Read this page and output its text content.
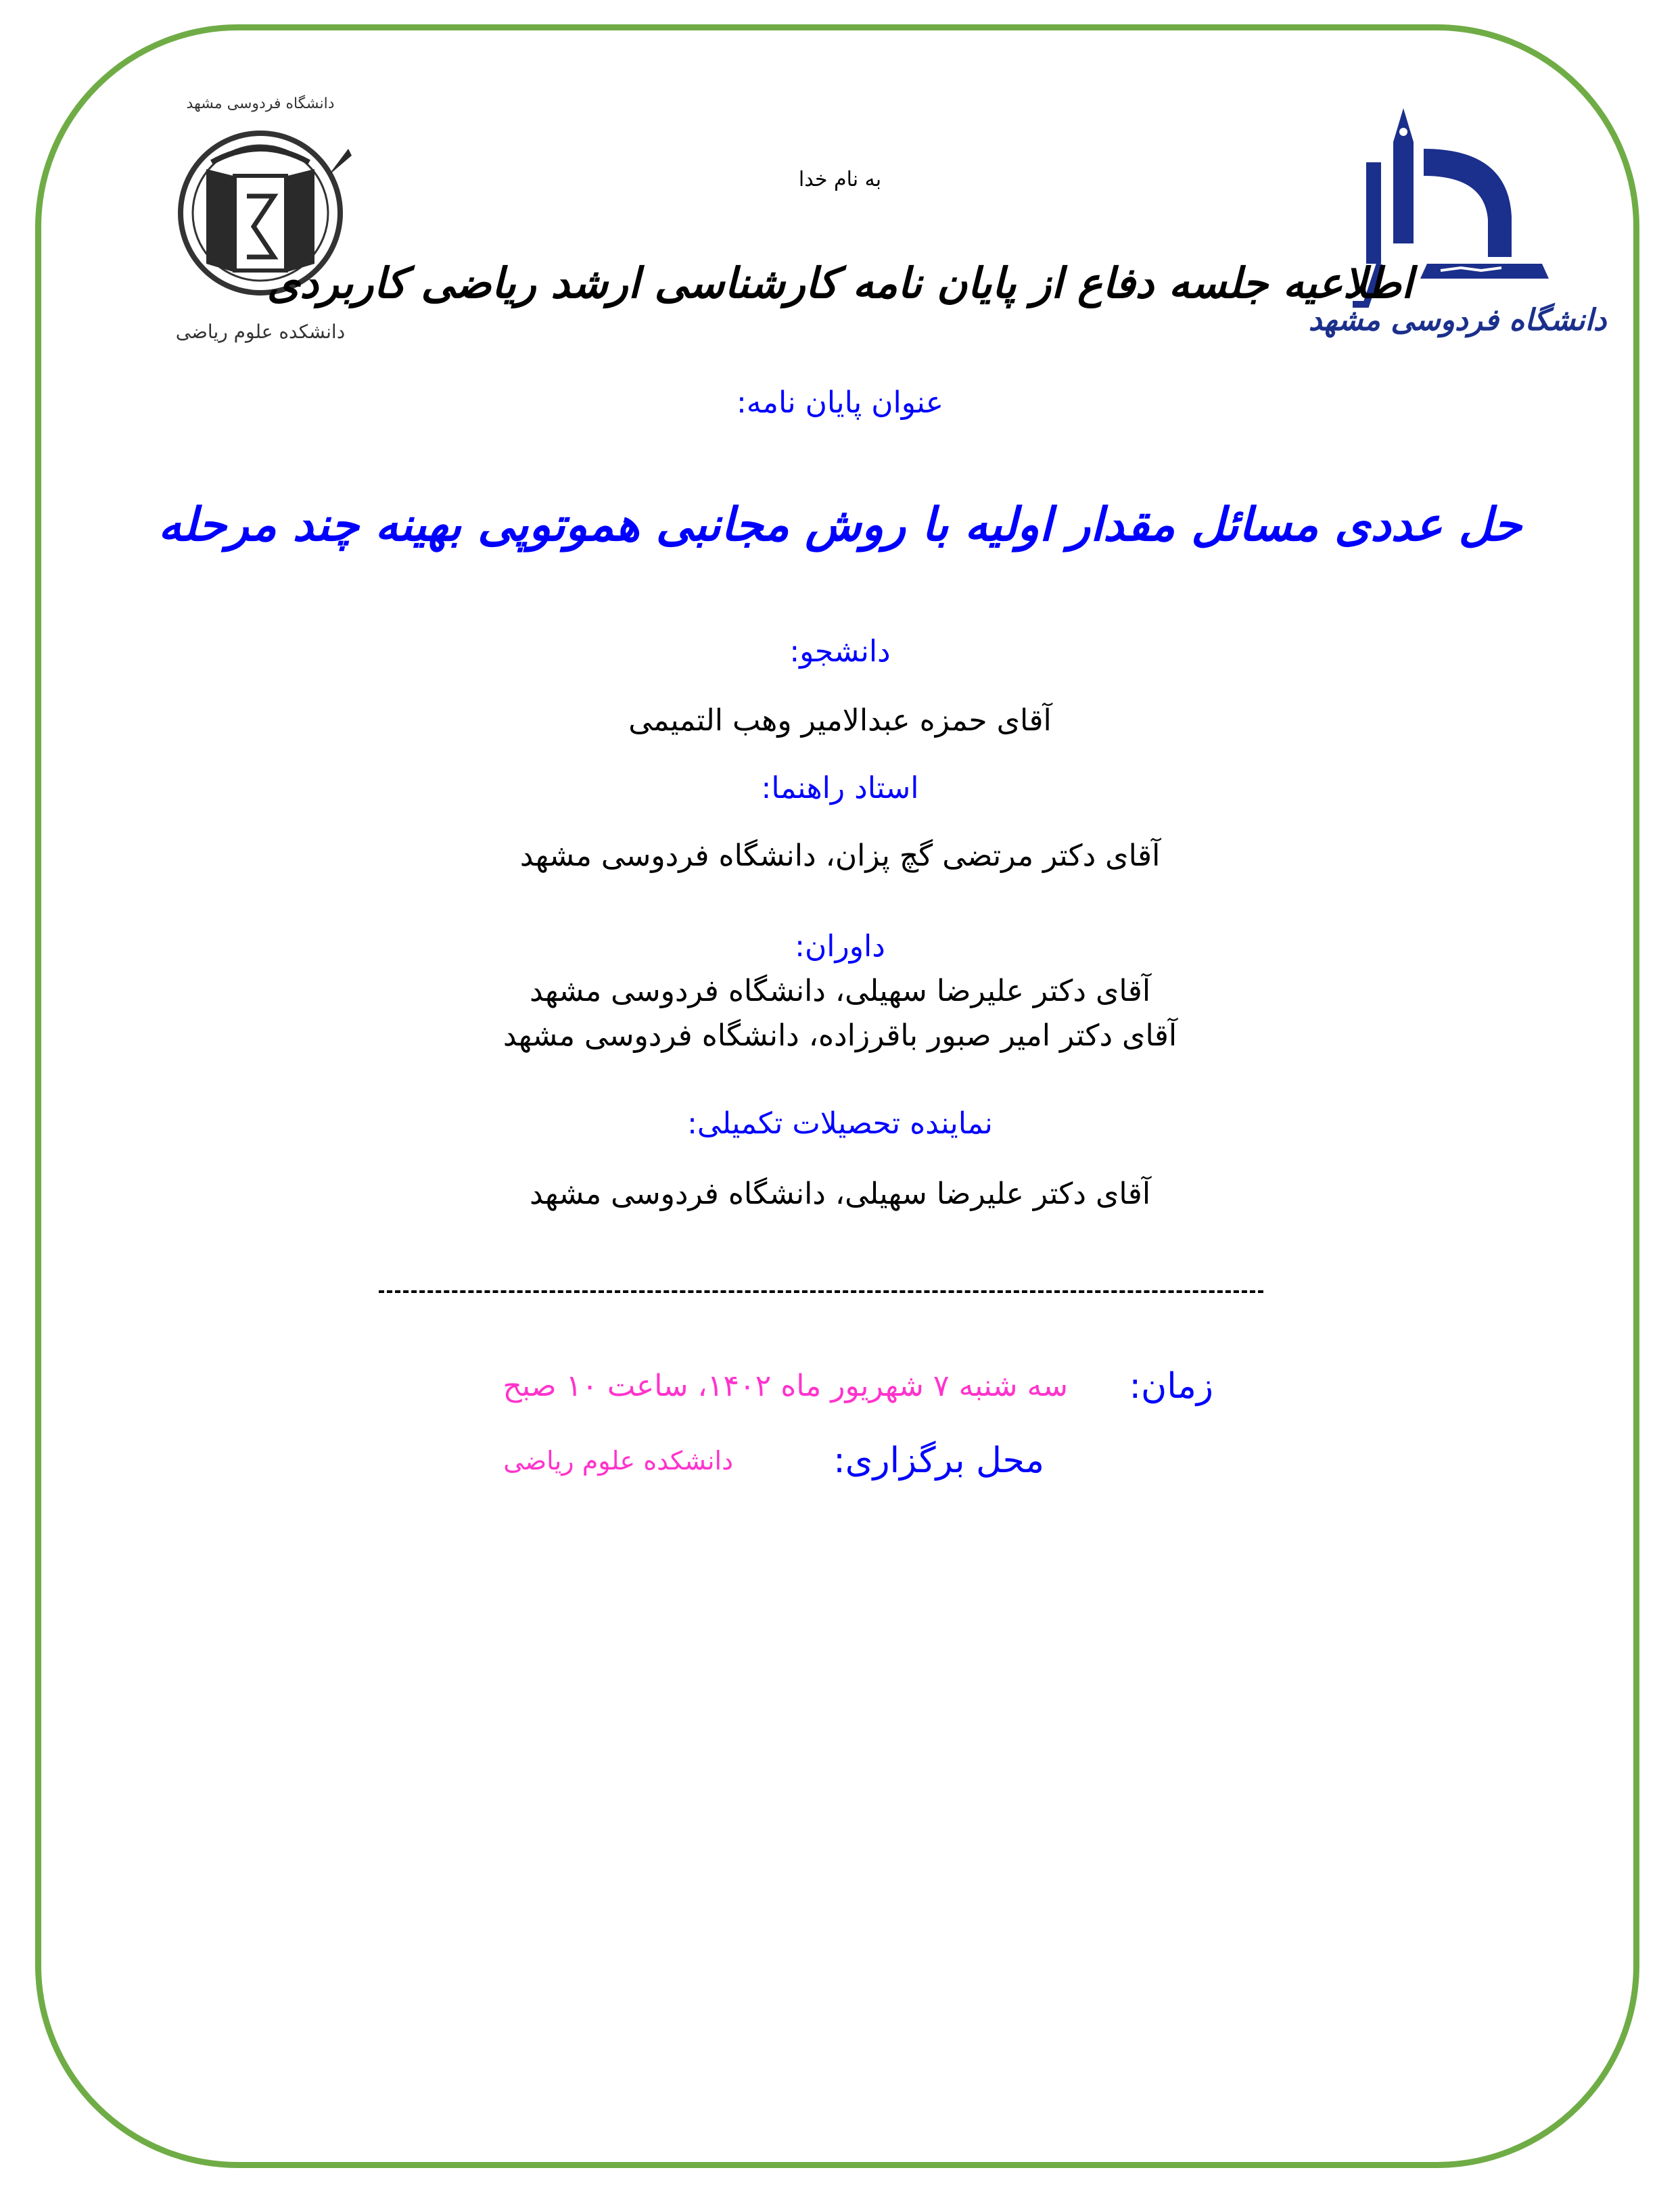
دانشگاه فردوسی مشهد
دانشکده علوم ریاضی	دانشگاه فردوسی مشهد
به نام خدا
اطلاعیه جلسه دفاع از پایان نامه کارشناسی ارشد ریاضی کاربردی
عنوان پایان نامه:
حل عددی مسائل مقدار اولیه با روش مجانبی هموتوپی بهینه چند مرحله
دانشجو:
آقای حمزه عبدالامیر وهب التمیمی
استاد راهنما:
آقای دکتر مرتضی گچ پزان، دانشگاه فردوسی مشهد
داوران:
آقای دکتر علیرضا سهیلی، دانشگاه فردوسی مشهد
آقای دکتر امیر صبور باقرزاده، دانشگاه فردوسی مشهد
نماینده تحصیلات تکمیلی:
آقای دکتر علیرضا سهیلی، دانشگاه فردوسی مشهد
زمان:
سه شنبه ۷ شهریور ماه ۱۴۰۲، ساعت ۱۰ صبح
محل برگزاری:
دانشکده علوم ریاضی
